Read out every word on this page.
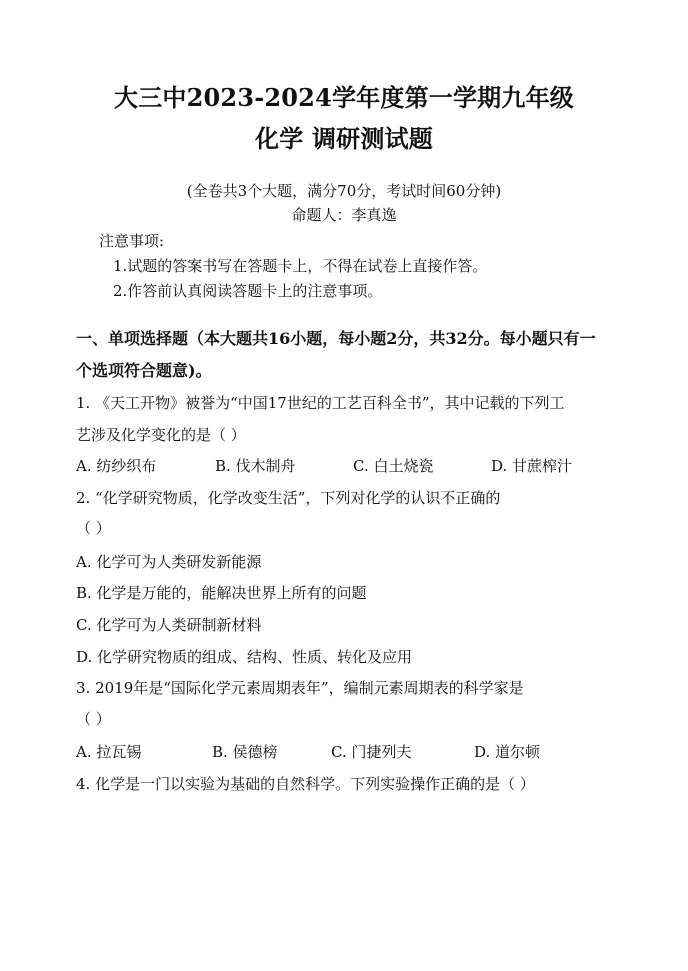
大三中2023-2024学年度第一学期九年级
化学 调研测试题
(全卷共3个大题，满分70分，考试时间60分钟)
命题人：李真逸
注意事项:
1.试题的答案书写在答题卡上，不得在试卷上直接作答。
2.作答前认真阅读答题卡上的注意事项。
一、单项选择题（本大题共16小题，每小题2分，共32分。每小题只有一
个选项符合题意)。
1. 《天工开物》被誉为“中国17世纪的工艺百科全书”，其中记载的下列工
艺涉及化学变化的是（ ）
A. 纺纱织布	B. 伐木制舟	C. 白土烧瓷	D. 甘蔗榨汁
2. “化学研究物质，化学改变生活”，下列对化学的认识不正确的
（ ）
A. 化学可为人类研发新能源
B. 化学是万能的，能解决世界上所有的问题
C. 化学可为人类研制新材料
D. 化学研究物质的组成、结构、性质、转化及应用
3. 2019年是“国际化学元素周期表年”，编制元素周期表的科学家是
（ ）
A. 拉瓦锡	B. 侯德榜	C. 门捷列夫	D. 道尔顿
4. 化学是一门以实验为基础的自然科学。下列实验操作正确的是（ ）
